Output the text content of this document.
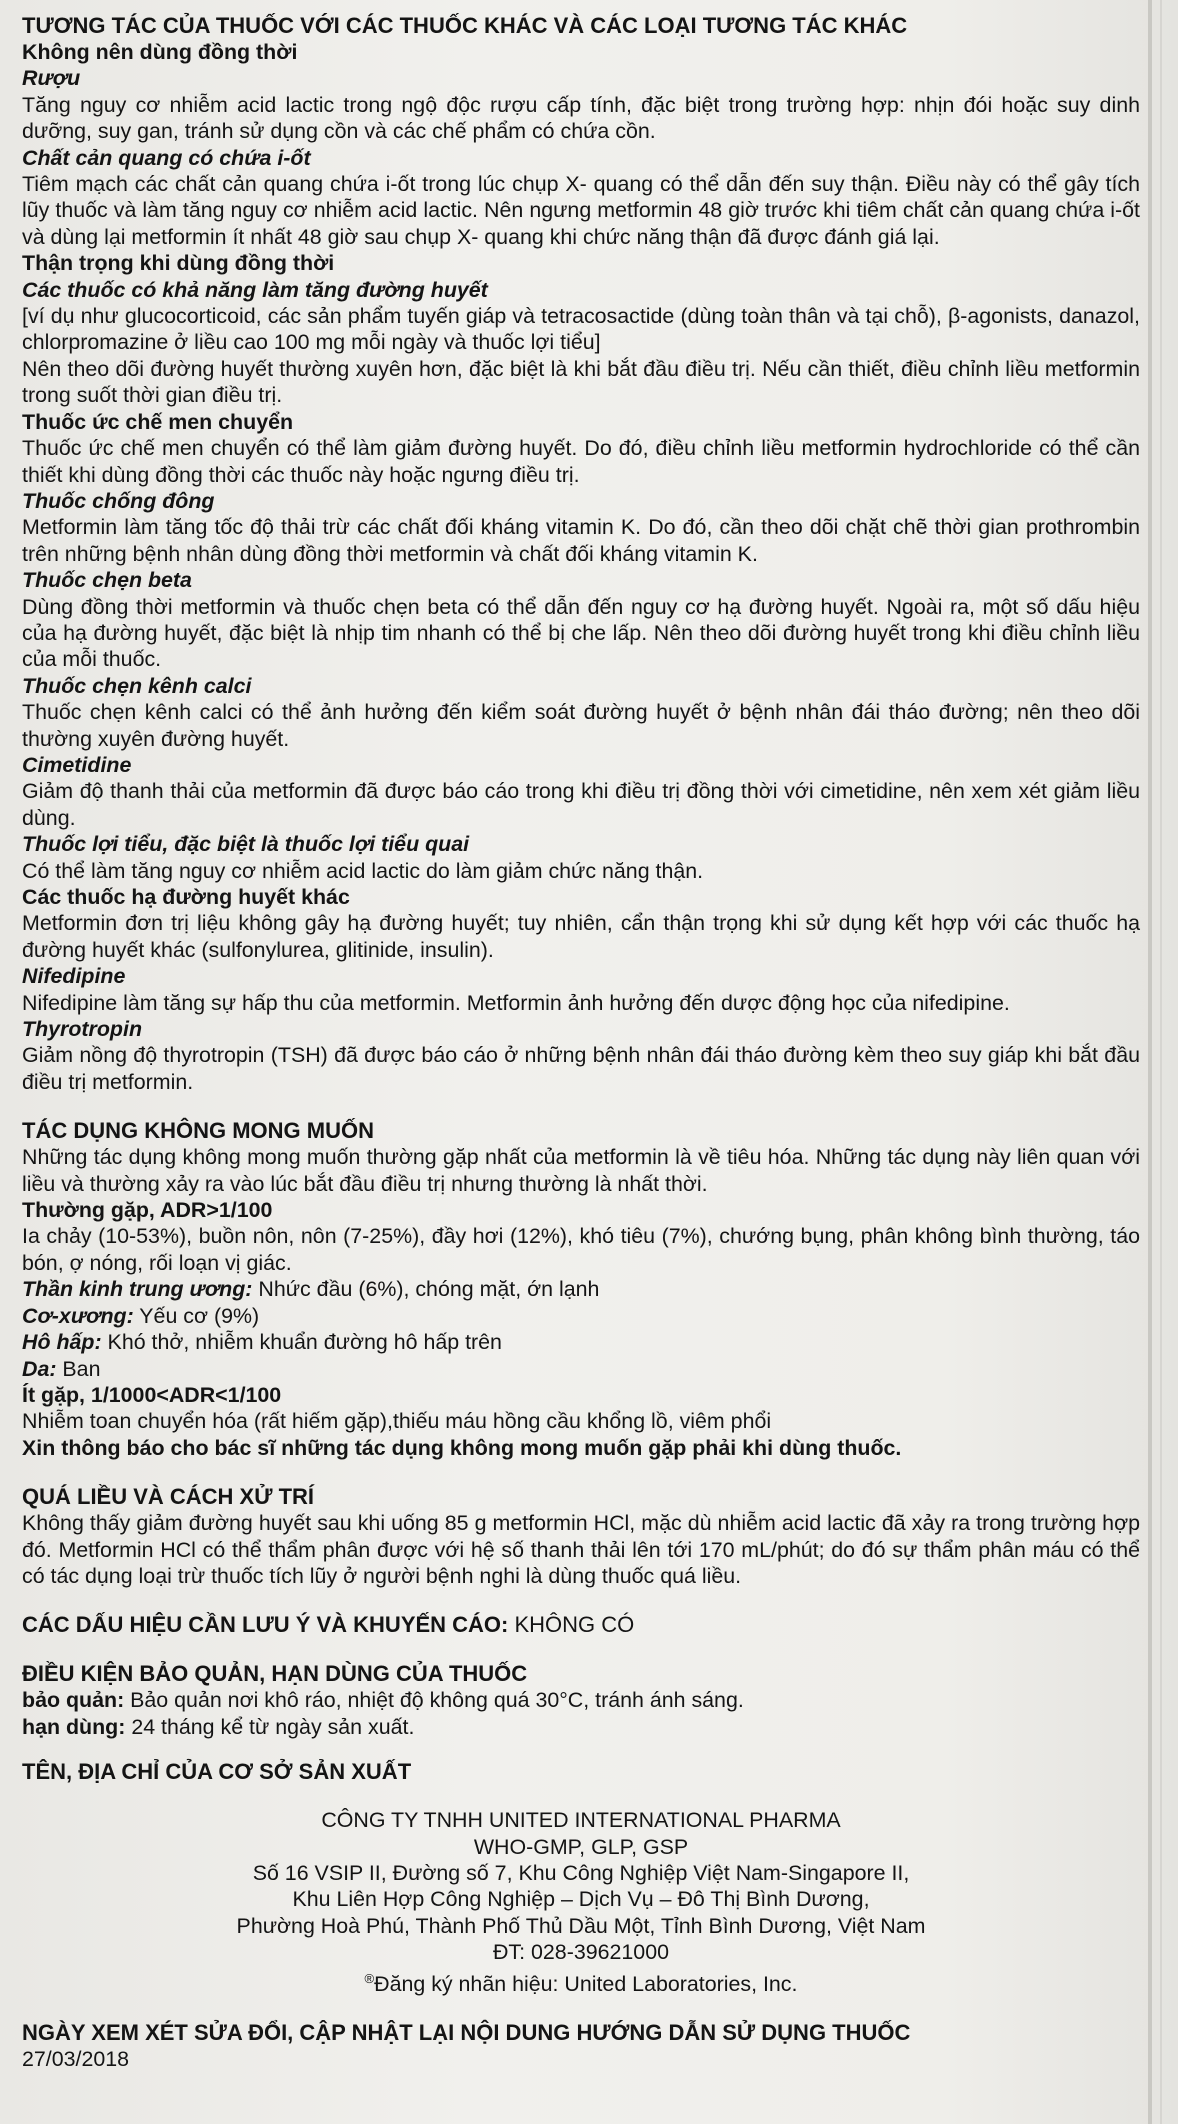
TƯƠNG TÁC CỦA THUỐC VỚI CÁC THUỐC KHÁC VÀ CÁC LOẠI TƯƠNG TÁC KHÁC

Không nên dùng đồng thời

Rượu

Tăng nguy cơ nhiễm acid lactic trong ngộ độc rượu cấp tính, đặc biệt trong trường hợp: nhịn đói hoặc suy dinh dưỡng, suy gan, tránh sử dụng cồn và các chế phẩm có chứa cồn.

Chất cản quang có chứa i-ốt

Tiêm mạch các chất cản quang chứa i-ốt trong lúc chụp X- quang có thể dẫn đến suy thận. Điều này có thể gây tích lũy thuốc và làm tăng nguy cơ nhiễm acid lactic. Nên ngưng metformin 48 giờ trước khi tiêm chất cản quang chứa i-ốt và dùng lại metformin ít nhất 48 giờ sau chụp X- quang khi chức năng thận đã được đánh giá lại.

Thận trọng khi dùng đồng thời

Các thuốc có khả năng làm tăng đường huyết

[ví dụ như glucocorticoid, các sản phẩm tuyến giáp và tetracosactide (dùng toàn thân và tại chỗ), β-agonists, danazol, chlorpromazine ở liều cao 100 mg mỗi ngày và thuốc lợi tiểu]

Nên theo dõi đường huyết thường xuyên hơn, đặc biệt là khi bắt đầu điều trị. Nếu cần thiết, điều chỉnh liều metformin trong suốt thời gian điều trị.

Thuốc ức chế men chuyển

Thuốc ức chế men chuyển có thể làm giảm đường huyết. Do đó, điều chỉnh liều metformin hydrochloride có thể cần thiết khi dùng đồng thời các thuốc này hoặc ngưng điều trị.

Thuốc chống đông

Metformin làm tăng tốc độ thải trừ các chất đối kháng vitamin K. Do đó, cần theo dõi chặt chẽ thời gian prothrombin trên những bệnh nhân dùng đồng thời metformin và chất đối kháng vitamin K.

Thuốc chẹn beta

Dùng đồng thời metformin và thuốc chẹn beta có thể dẫn đến nguy cơ hạ đường huyết. Ngoài ra, một số dấu hiệu của hạ đường huyết, đặc biệt là nhịp tim nhanh có thể bị che lấp. Nên theo dõi đường huyết trong khi điều chỉnh liều của mỗi thuốc.

Thuốc chẹn kênh calci

Thuốc chẹn kênh calci có thể ảnh hưởng đến kiểm soát đường huyết ở bệnh nhân đái tháo đường; nên theo dõi thường xuyên đường huyết.

Cimetidine

Giảm độ thanh thải của metformin đã được báo cáo trong khi điều trị đồng thời với cimetidine, nên xem xét giảm liều dùng.

Thuốc lợi tiểu, đặc biệt là thuốc lợi tiểu quai

Có thể làm tăng nguy cơ nhiễm acid lactic do làm giảm chức năng thận.

Các thuốc hạ đường huyết khác

Metformin đơn trị liệu không gây hạ đường huyết; tuy nhiên, cẩn thận trọng khi sử dụng kết hợp với các thuốc hạ đường huyết khác (sulfonylurea, glitinide, insulin).

Nifedipine

Nifedipine làm tăng sự hấp thu của metformin. Metformin ảnh hưởng đến dược động học của nifedipine.

Thyrotropin

Giảm nồng độ thyrotropin (TSH) đã được báo cáo ở những bệnh nhân đái tháo đường kèm theo suy giáp khi bắt đầu điều trị metformin.

TÁC DỤNG KHÔNG MONG MUỐN

Những tác dụng không mong muốn thường gặp nhất của metformin là về tiêu hóa. Những tác dụng này liên quan với liều và thường xảy ra vào lúc bắt đầu điều trị nhưng thường là nhất thời.

Thường gặp, ADR>1/100

Ia chảy (10-53%), buồn nôn, nôn (7-25%), đầy hơi (12%), khó tiêu (7%), chướng bụng, phân không bình thường, táo bón, ợ nóng, rối loạn vị giác.

Thần kinh trung ương: Nhức đầu (6%), chóng mặt, ớn lạnh

Cơ-xương: Yếu cơ (9%)

Hô hấp: Khó thở, nhiễm khuẩn đường hô hấp trên

Da: Ban

Ít gặp, 1/1000<ADR<1/100

Nhiễm toan chuyển hóa (rất hiếm gặp),thiếu máu hồng cầu khổng lồ, viêm phổi

Xin thông báo cho bác sĩ những tác dụng không mong muốn gặp phải khi dùng thuốc.

QUÁ LIỀU VÀ CÁCH XỬ TRÍ

Không thấy giảm đường huyết sau khi uống 85 g metformin HCl, mặc dù nhiễm acid lactic đã xảy ra trong trường hợp đó. Metformin HCl có thể thẩm phân được với hệ số thanh thải lên tới 170 mL/phút; do đó sự thẩm phân máu có thể có tác dụng loại trừ thuốc tích lũy ở người bệnh nghi là dùng thuốc quá liều.

CÁC DẤU HIỆU CẦN LƯU Ý VÀ KHUYẾN CÁO: KHÔNG CÓ

ĐIỀU KIỆN BẢO QUẢN, HẠN DÙNG CỦA THUỐC

bảo quản: Bảo quản nơi khô ráo, nhiệt độ không quá 30°C, tránh ánh sáng.

hạn dùng: 24 tháng kể từ ngày sản xuất.

TÊN, ĐỊA CHỈ CỦA CƠ SỞ SẢN XUẤT

CÔNG TY TNHH UNITED INTERNATIONAL PHARMA

WHO-GMP, GLP, GSP

Số 16 VSIP II, Đường số 7, Khu Công Nghiệp Việt Nam-Singapore II,

Khu Liên Hợp Công Nghiệp – Dịch Vụ – Đô Thị Bình Dương,

Phường Hoà Phú, Thành Phố Thủ Dầu Một, Tỉnh Bình Dương, Việt Nam

ĐT: 028-39621000

®Đăng ký nhãn hiệu: United Laboratories, Inc.

NGÀY XEM XÉT SỬA ĐỔI, CẬP NHẬT LẠI NỘI DUNG HƯỚNG DẪN SỬ DỤNG THUỐC

27/03/2018
